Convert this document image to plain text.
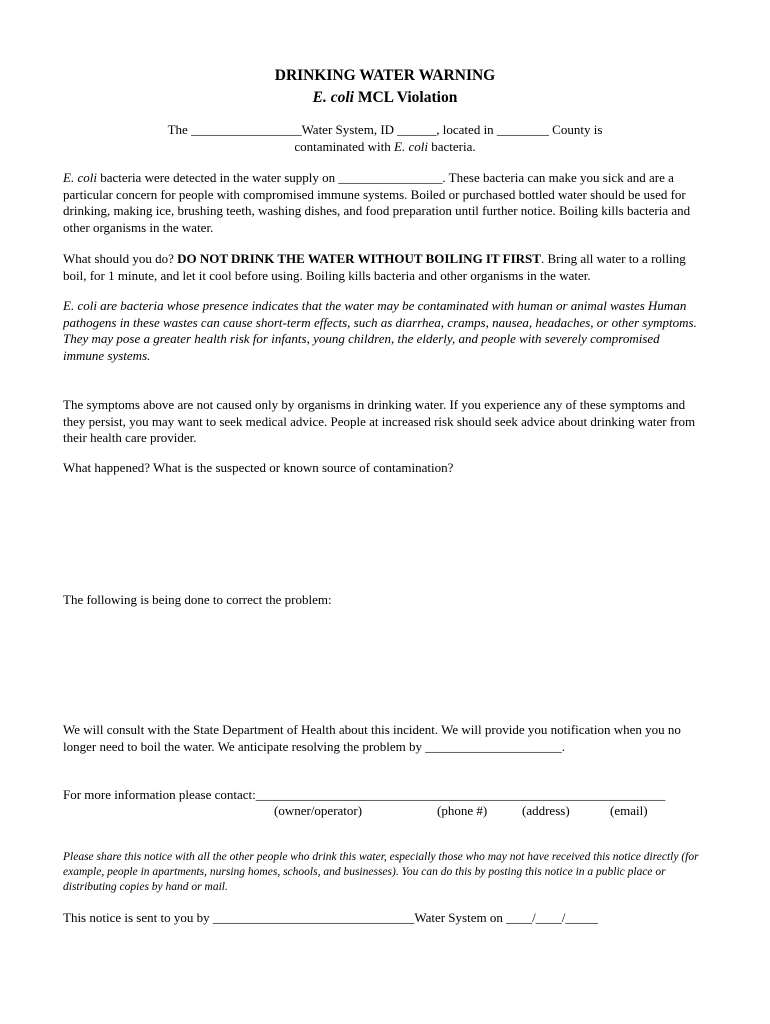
DRINKING WATER WARNING
E. coli MCL Violation
The _________________Water System, ID ______, located in ________ County is
contaminated with E. coli bacteria.
E. coli bacteria were detected in the water supply on ________________. These bacteria can make you sick and are a particular concern for people with compromised immune systems. Boiled or purchased bottled water should be used for drinking, making ice, brushing teeth, washing dishes, and food preparation until further notice. Boiling kills bacteria and other organisms in the water.
What should you do? DO NOT DRINK THE WATER WITHOUT BOILING IT FIRST. Bring all water to a rolling boil, for 1 minute, and let it cool before using. Boiling kills bacteria and other organisms in the water.
E. coli are bacteria whose presence indicates that the water may be contaminated with human or animal wastes Human pathogens in these wastes can cause short-term effects, such as diarrhea, cramps, nausea, headaches, or other symptoms. They may pose a greater health risk for infants, young children, the elderly, and people with severely compromised immune systems.
The symptoms above are not caused only by organisms in drinking water. If you experience any of these symptoms and they persist, you may want to seek medical advice. People at increased risk should seek advice about drinking water from their health care provider.
What happened? What is the suspected or known source of contamination?
The following is being done to correct the problem:
We will consult with the State Department of Health about this incident. We will provide you notification when you no longer need to boil the water. We anticipate resolving the problem by _____________________.
For more information please contact:_______________________________________________________________
(owner/operator)	(phone #)	(address)	(email)
Please share this notice with all the other people who drink this water, especially those who may not have received this notice directly (for example, people in apartments, nursing homes, schools, and businesses). You can do this by posting this notice in a public place or distributing copies by hand or mail.
This notice is sent to you by _______________________________Water System on ____/____/_____
